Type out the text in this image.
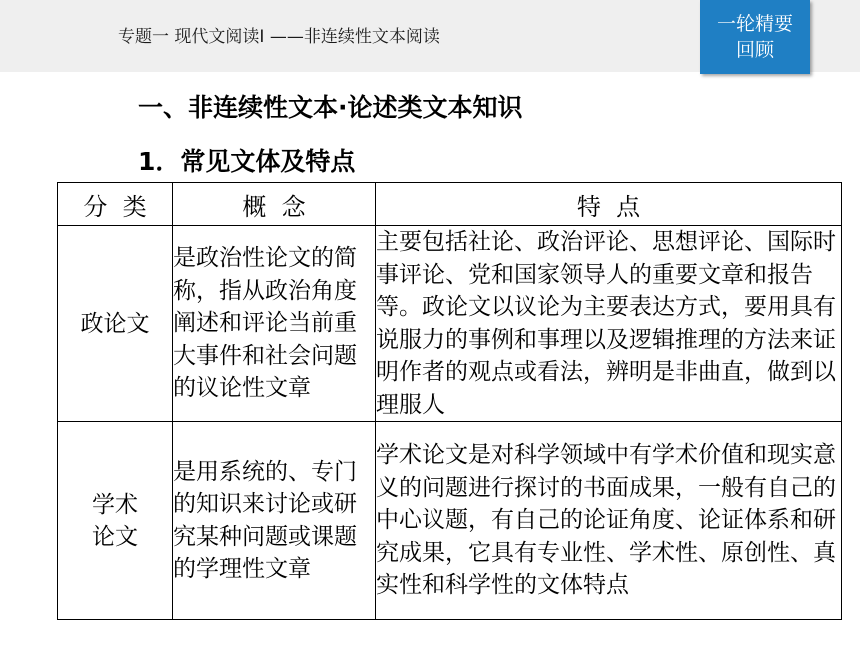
专题一 现代文阅读Ⅰ ——非连续性文本阅读
一轮精要
回顾
一、非连续性文本·论述类文本知识
1．常见文体及特点
分  类	概  念	特  点
政论文	是政治性论文的简称，指从政治角度阐述和评论当前重大事件和社会问题的议论性文章	主要包括社论、政治评论、思想评论、国际时事评论、党和国家领导人的重要文章和报告等。政论文以议论为主要表达方式，要用具有说服力的事例和事理以及逻辑推理的方法来证明作者的观点或看法，辨明是非曲直，做到以理服人

学术
论文	是用系统的、专门的知识来讨论或研究某种问题或课题的学理性文章	学术论文是对科学领域中有学术价值和现实意义的问题进行探讨的书面成果，一般有自己的中心议题，有自己的论证角度、论证体系和研究成果，它具有专业性、学术性、原创性、真实性和科学性的文体特点
